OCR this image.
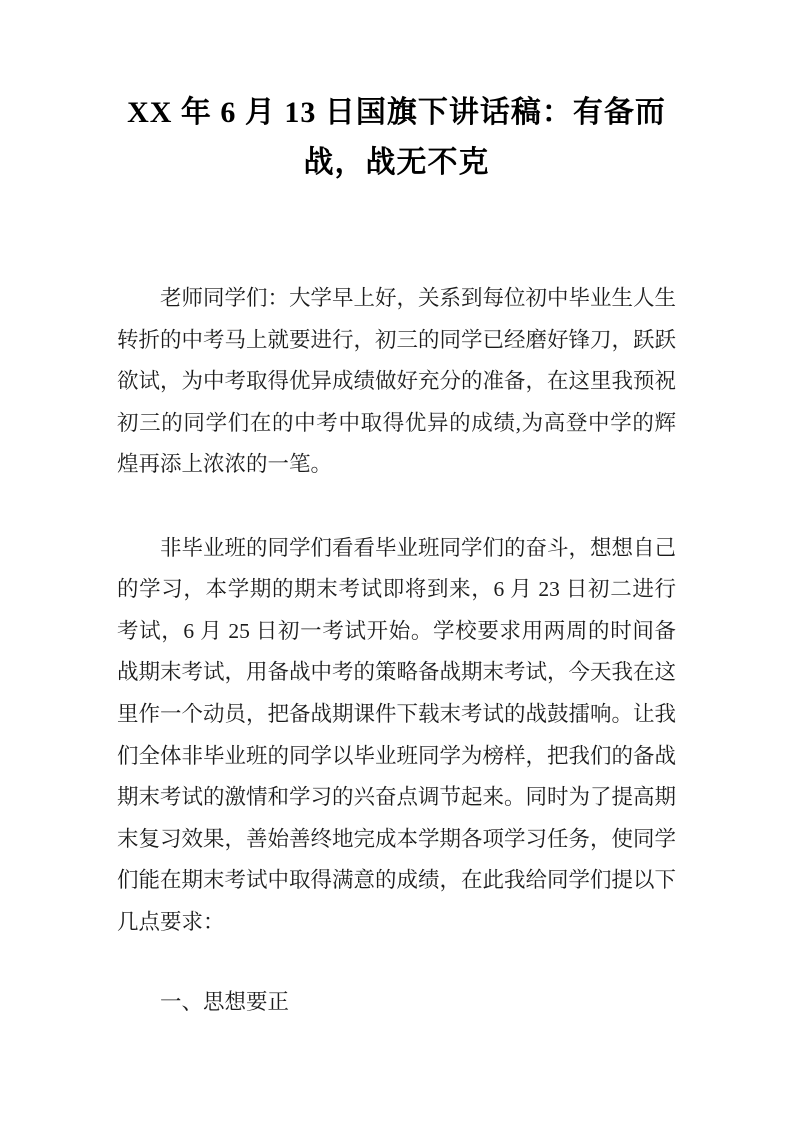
XX 年 6 月 13 日国旗下讲话稿：有备而战，战无不克

老师同学们：大学早上好，关系到每位初中毕业生人生转折的中考马上就要进行，初三的同学已经磨好锋刀，跃跃欲试，为中考取得优异成绩做好充分的准备，在这里我预祝初三的同学们在的中考中取得优异的成绩,为高登中学的辉煌再添上浓浓的一笔。

非毕业班的同学们看看毕业班同学们的奋斗，想想自己的学习，本学期的期末考试即将到来，6 月 23 日初二进行考试，6 月 25 日初一考试开始。学校要求用两周的时间备战期末考试，用备战中考的策略备战期末考试，今天我在这里作一个动员，把备战期课件下载末考试的战鼓擂响。让我们全体非毕业班的同学以毕业班同学为榜样，把我们的备战期末考试的激情和学习的兴奋点调节起来。同时为了提高期末复习效果，善始善终地完成本学期各项学习任务，使同学们能在期末考试中取得满意的成绩，在此我给同学们提以下几点要求：

一、思想要正
